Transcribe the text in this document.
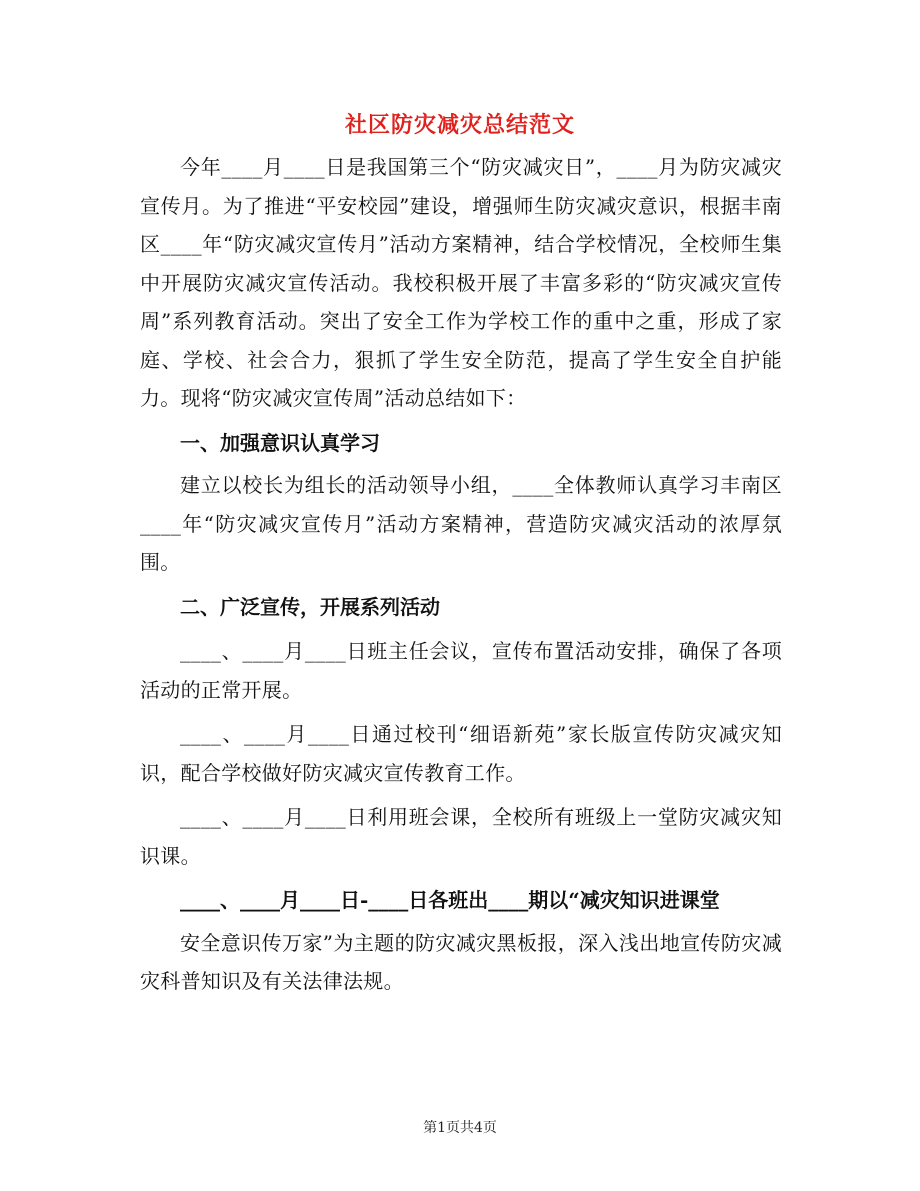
社区防灾减灾总结范文

今年____月____日是我国第三个“防灾减灾日”，____月为防灾减灾宣传月。为了推进“平安校园”建设，增强师生防灾减灾意识，根据丰南区____年“防灾减灾宣传月”活动方案精神，结合学校情况，全校师生集中开展防灾减灾宣传活动。我校积极开展了丰富多彩的“防灾减灾宣传周”系列教育活动。突出了安全工作为学校工作的重中之重，形成了家庭、学校、社会合力，狠抓了学生安全防范，提高了学生安全自护能力。现将“防灾减灾宣传周”活动总结如下：

一、加强意识认真学习

建立以校长为组长的活动领导小组，____全体教师认真学习丰南区____年“防灾减灾宣传月”活动方案精神，营造防灾减灾活动的浓厚氛围。

二、广泛宣传，开展系列活动

____、____月____日班主任会议，宣传布置活动安排，确保了各项活动的正常开展。

____、____月____日通过校刊“细语新苑”家长版宣传防灾减灾知识，配合学校做好防灾减灾宣传教育工作。

____、____月____日利用班会课，全校所有班级上一堂防灾减灾知识课。

____、____月____日-____日各班出____期以“减灾知识进课堂

安全意识传万家”为主题的防灾减灾黑板报，深入浅出地宣传防灾减灾科普知识及有关法律法规。

第1页共4页
